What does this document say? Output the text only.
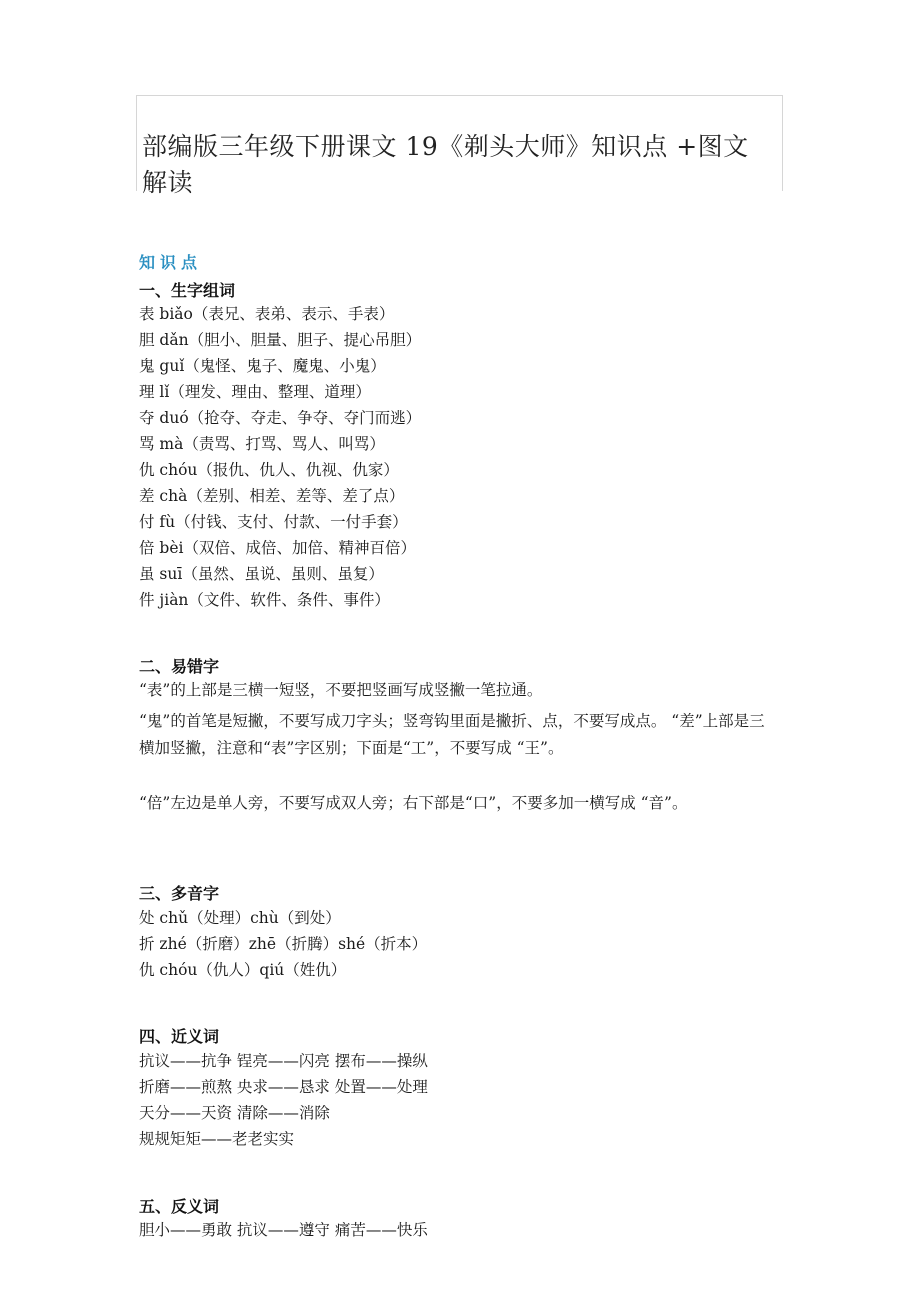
部编版三年级下册课文 19《剃头大师》知识点 +图文解读
知识点
一、生字组词
表 biǎo（表兄、表弟、表示、手表）
胆 dǎn（胆小、胆量、胆子、提心吊胆）
鬼 guǐ（鬼怪、鬼子、魔鬼、小鬼）
理 lǐ（理发、理由、整理、道理）
夺 duó（抢夺、夺走、争夺、夺门而逃）
骂 mà（责骂、打骂、骂人、叫骂）
仇 chóu（报仇、仇人、仇视、仇家）
差 chà（差别、相差、差等、差了点）
付 fù（付钱、支付、付款、一付手套）
倍 bèi（双倍、成倍、加倍、精神百倍）
虽 suī（虽然、虽说、虽则、虽复）
件 jiàn（文件、软件、条件、事件）
二、易错字
“表”的上部是三横一短竖，不要把竖画写成竖撇一笔拉通。
“鬼”的首笔是短撇，不要写成刀字头；竖弯钩里面是撇折、点，不要写成点。 “差”上部是三横加竖撇，注意和“表”字区别；下面是“工”，不要写成 “王”。
“倍”左边是单人旁，不要写成双人旁；右下部是“口”，不要多加一横写成 “音”。
三、多音字
处 chǔ（处理）chù（到处）
折 zhé（折磨）zhē（折腾）shé（折本）
仇 chóu（仇人）qiú（姓仇）
四、近义词
抗议——抗争 锃亮——闪亮 摆布——操纵
折磨——煎熬 央求——恳求 处置——处理
天分——天资 清除——消除
规规矩矩——老老实实
五、反义词
胆小——勇敢 抗议——遵守 痛苦——快乐
